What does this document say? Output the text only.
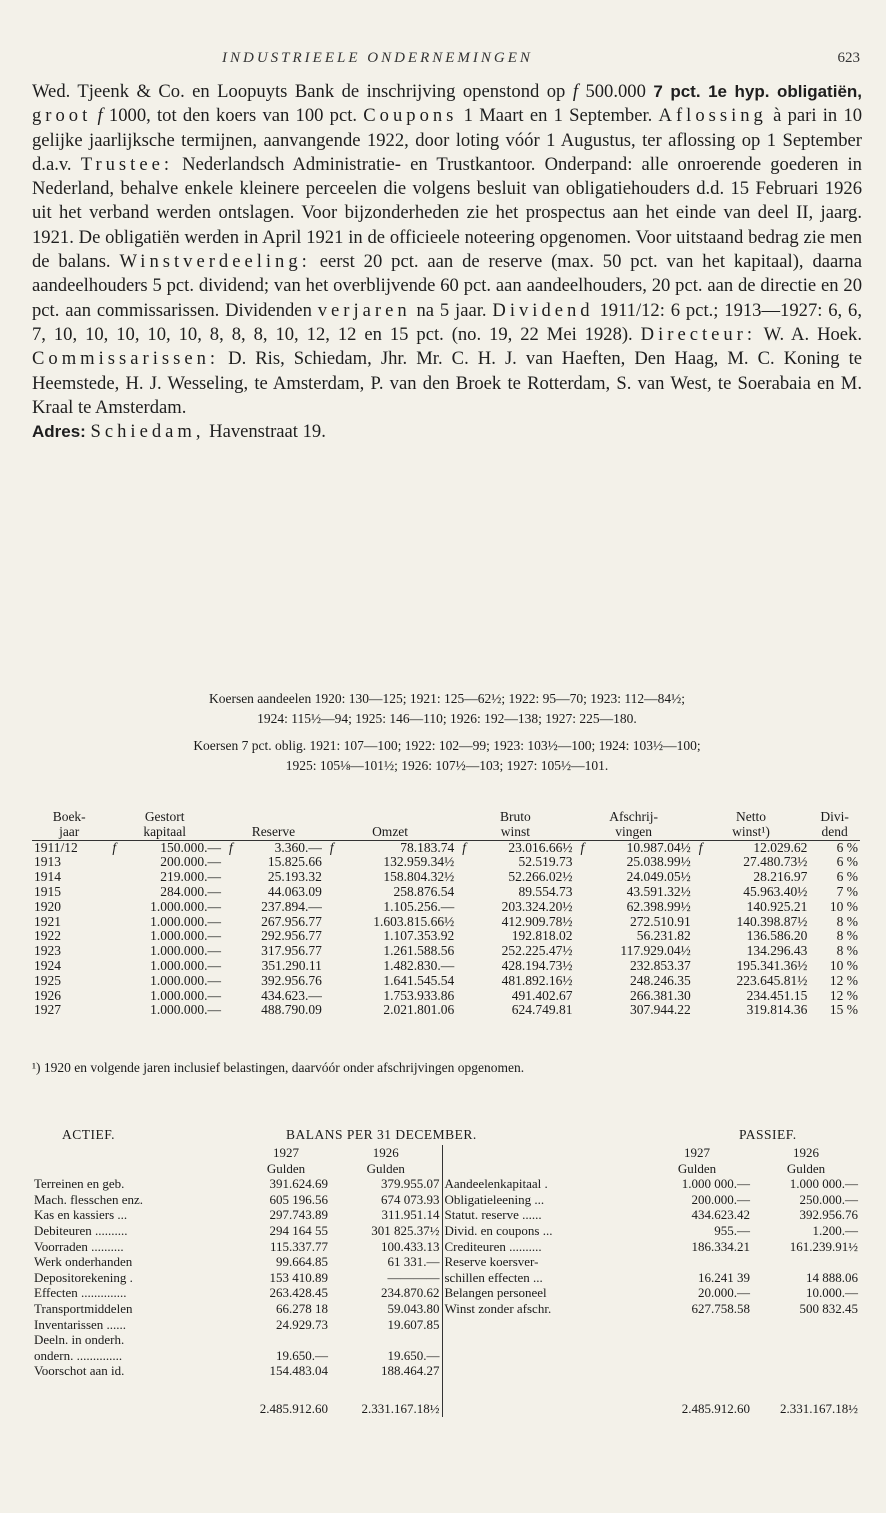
INDUSTRIEELE ONDERNEMINGEN	623
Wed. Tjeenk & Co. en Loopuyts Bank de inschrijving openstond op f 500.000 7 pct. 1e hyp. obligatiën, groot f 1000, tot den koers van 100 pct. Coupons 1 Maart en 1 September. Aflossing à pari in 10 gelijke jaarlijksche termijnen, aanvangende 1922, door loting vóór 1 Augustus, ter aflossing op 1 September d.a.v. Trustee: Nederlandsch Administratie- en Trustkantoor. Onderpand: alle onroerende goederen in Nederland, behalve enkele kleinere perceelen die volgens besluit van obligatiehouders d.d. 15 Februari 1926 uit het verband werden ontslagen. Voor bijzonderheden zie het prospectus aan het einde van deel II, jaarg. 1921. De obligatiën werden in April 1921 in de officieele noteering opgenomen. Voor uitstaand bedrag zie men de balans. Winstverdeeling: eerst 20 pct. aan de reserve (max. 50 pct. van het kapitaal), daarna aandeelhouders 5 pct. dividend; van het overblijvende 60 pct. aan aandeelhouders, 20 pct. aan de directie en 20 pct. aan commissarissen. Dividenden verjaren na 5 jaar. Dividend 1911/12: 6 pct.; 1913—1927: 6, 6, 7, 10, 10, 10, 10, 10, 8, 8, 8, 10, 12, 12 en 15 pct. (no. 19, 22 Mei 1928). Directeur: W. A. Hoek. Commissarissen: D. Ris, Schiedam, Jhr. Mr. C. H. J. van Haeften, Den Haag, M. C. Koning te Heemstede, H. J. Wesseling, te Amsterdam, P. van den Broek te Rotterdam, S. van West, te Soerabaia en M. Kraal te Amsterdam.
Adres: Schiedam, Havenstraat 19.
Koersen aandeelen 1920: 130—125; 1921: 125—62½; 1922: 95—70; 1923: 112—84½;
1924: 115½—94; 1925: 146—110; 1926: 192—138; 1927: 225—180.
Koersen 7 pct. oblig. 1921: 107—100; 1922: 102—99; 1923: 103½—100; 1924: 103½—100;
1925: 105⅛—101½; 1926: 107½—103; 1927: 105½—101.
Boek-	Gestort			Bruto	Afschrij-	Netto	Divi-
jaar	kapitaal	Reserve	Omzet	winst	vingen	winst¹)	dend
1911/12	f 150.000.—	f 3.360.—	f 78.183.74	f 23.016.66½	f 10.987.04½	f 12.029.62	6 %
1913	200.000.—	15.825.66	132.959.34½	52.519.73	25.038.99½	27.480.73½	6 %
1914	219.000.—	25.193.32	158.804.32½	52.266.02½	24.049.05½	28.216.97	6 %
1915	284.000.—	44.063.09	258.876.54	89.554.73	43.591.32½	45.963.40½	7 %
1920	1.000.000.—	237.894.—	1.105.256.—	203.324.20½	62.398.99½	140.925.21	10 %
1921	1.000.000.—	267.956.77	1.603.815.66½	412.909.78½	272.510.91	140.398.87½	8 %
1922	1.000.000.—	292.956.77	1.107.353.92	192.818.02	56.231.82	136.586.20	8 %
1923	1.000.000.—	317.956.77	1.261.588.56	252.225.47½	117.929.04½	134.296.43	8 %
1924	1.000.000.—	351.290.11	1.482.830.—	428.194.73½	232.853.37	195.341.36½	10 %
1925	1.000.000.—	392.956.76	1.641.545.54	481.892.16½	248.246.35	223.645.81½	12 %
1926	1.000.000.—	434.623.—	1.753.933.86	491.402.67	266.381.30	234.451.15	12 %
1927	1.000.000.—	488.790.09	2.021.801.06	624.749.81	307.944.22	319.814.36	15 %
¹) 1920 en volgende jaren inclusief belastingen, daarvóór onder afschrijvingen opgenomen.
ACTIEF.	BALANS PER 31 DECEMBER.	PASSIEF.
	1927	1926		1927	1926
	Gulden	Gulden		Gulden	Gulden
Terreinen en geb.	391.624.69	379.955.07	Aandeelenkapitaal .	1.000 000.—	1.000 000.—
Mach. flesschen enz.	605 196.56	674 073.93	Obligatieleening ...	200.000.—	250.000.—
Kas en kassiers ...	297.743.89	311.951.14	Statut. reserve ......	434.623.42	392.956.76
Debiteuren ..........	294 164 55	301 825.37½	Divid. en coupons ...	955.—	1.200.—
Voorraden ..........	115.337.77	100.433.13	Crediteuren ..........	186.334.21	161.239.91½
Werk onderhanden	99.664.85	61 331.—	Reserve koersver-		
Depositorekening .	153 410.89	————	schillen effecten ...	16.241 39	14 888.06
Effecten ..............	263.428.45	234.870.62	Belangen personeel	20.000.—	10.000.—
Transportmiddelen	66.278 18	59.043.80	Winst zonder afschr.	627.758.58	500 832.45
Inventarissen ......	24.929.73	19.607.85			
Deeln. in onderh.					
ondern. ..............	19.650.—	19.650.—			
Voorschot aan id.	154.483.04	188.464.27			
	2.485.912.60	2.331.167.18½		2.485.912.60	2.331.167.18½
